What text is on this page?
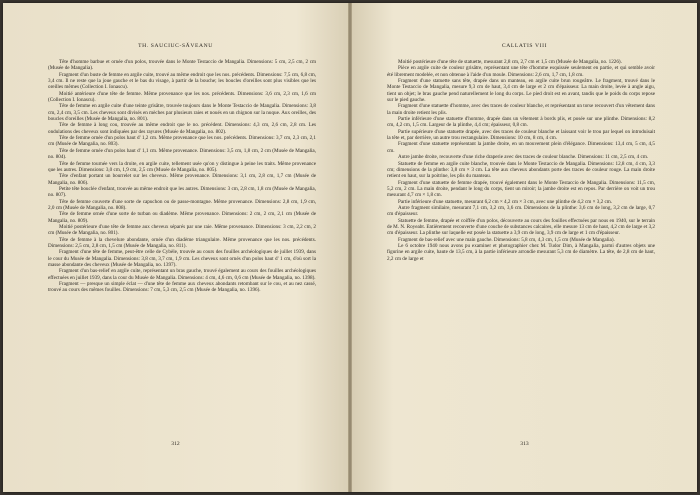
TH. SAUCIUC-SĂVEANU

Tête d'homme barbue et ornée d'un polos, trouvée dans le Monte Testaccio de Mangalia. Dimensions: 5 cm, 2,5 cm, 2 cm (Musée de Mangalia).

Fragment d'un buste de femme en argile cuite, trouvé au même endroit que les nos. précédents. Dimensions: 7,5 cm, 6,8 cm, 3,4 cm. Il ne reste que la joue gauche et le bas du visage, à partir de la bouche; les boucles d'oreilles sont plus visibles que les oreilles mêmes (Collection I. Ionascu).

Moitié antérieure d'une tête de femme. Même provenance que les nos. précédents. Dimensions: 3,6 cm, 2,3 cm, 1,6 cm (Collection I. Ionascu).

Tête de femme en argile cuite d'une teinte grisâtre, trouvée toujours dans le Monte Testaccio de Mangalia. Dimensions: 3,8 cm, 2,4 cm, 3,5 cm. Les cheveux sont divisés en mèches par plusieurs raies et noués en un chignon sur la nuque. Aux oreilles, des boucles d'oreilles (Musée de Mangalia, no. 801).

Tête de femme à long cou, trouvée au même endroit que le no. précédent. Dimensions: 4,3 cm, 2,6 cm, 2,8 cm. Les ondulations des cheveux sont indiquées par des rayures (Musée de Mangalia, no. 802).

Tête de femme ornée d'un polos haut d' 1,2 cm. Même provenance que les nos. précédents. Dimensions: 3,7 cm, 2,3 cm, 2,1 cm (Musée de Mangalia, no. 803).

Tête de femme ornée d'un polos haut d' 1,1 cm. Même provenance. Dimensions: 3,5 cm, 1,8 cm, 2 cm (Musée de Mangalia, no. 804).

Tête de femme tournée vers la droite, en argile cuite, tellement usée qu'on y distingue à peine les traits. Même provenance que les autres. Dimensions: 3,0 cm, 1,9 cm, 2,5 cm (Musée de Mangalia, no. 805).

Tête d'enfant portant un bourrelet sur les cheveux. Même provenance. Dimensions: 3,1 cm, 2,8 cm, 1,7 cm (Musée de Mangalia, no. 806).

Petite tête bouclée d'enfant, trouvée au même endroit que les autres. Dimensions: 3 cm, 2,8 cm, 1,8 cm (Musée de Mangalia, no. 807).

Tête de femme couverte d'une sorte de capuchon ou de passe-montagne. Même provenance. Dimensions: 2,8 cm, 1,9 cm, 2,0 cm (Musée de Mangalia, no. 808).

Tête de femme ornée d'une sorte de turban ou diadème. Même provenance. Dimensions: 2 cm, 2 cm, 2,1 cm (Musée de Mangalia, no. 809).

Moitié postérieure d'une tête de femme aux cheveux séparés par une raie. Même provenance. Dimensions: 3 cm, 2,2 cm, 2 cm (Musée de Mangalia, no. 801).

Tête de femme à la chevelure abondante, ornée d'un diadème triangulaire. Même provenance que les nos. précédents. Dimensions: 2,5 cm, 2,8 cm, 1,5 cm (Musée de Mangalia, no. 811).

Fragment d'une tête de femme, peut-être celle de Cybèle, trouvée au cours des fouilles archéologiques de juillet 1939, dans le cour du Musée de Mangalia. Dimensions: 3,8 cm, 3,7 cm, 1,9 cm. Les cheveux sont ornés d'un polos haut d' 1 cm, d'où sort la masse abondante des cheveux (Musée de Mangalia, no. 1397).

Fragment d'un bas-relief en argile cuite, représentant un bras gauche, trouvé également au cours des fouilles archéologiques effectuées en juillet 1939, dans la cour du Musée de Mangalia. Dimensions: 4 cm, 4,6 cm, 0,6 cm (Musée de Mangalia, no. 1398).

Fragment — presque un simple éclat — d'une tête de femme aux cheveux abondants retombant sur le cou, et au nez cassé, trouvé au cours des mêmes fouilles. Dimensions: 7 cm, 5,3 cm, 2,5 cm (Musée de Mangalia, no. 1396).

312
CALLATIS VIII

Moitié postérieure d'une tête de statuette, mesurant 2,8 cm, 2,7 cm et 1,5 cm (Musée de Mangalia, no. 1226).

Pièce en argile cuite de couleur grisâtre, représentant une tête d'homme esquissée seulement en partie, et qui semble avoir été librement modelée, et non obtenue à l'aide d'un moule. Dimensions: 2,6 cm, 1,7 cm, 1,8 cm.

Fragment d'une statuette sans tête, drapée dans un manteau, en argile cuite brun rougeâtre. Le fragment, trouvé dans le Monte Testaccio de Mangalia, mesure 9,3 cm de haut, 3,4 cm de large et 2 cm d'épaisseur. La main droite, levée à angle aigu, tient un objet; le bras gauche pend naturellement le long du corps. Le pied droit est en avant, tandis que le poids du corps repose sur le pied gauche.

Fragment d'une statuette d'homme, avec des traces de couleur blanche, et représentant un torse recouvert d'un vêtement dans la main droite retient les plis.

Partie inférieure d'une statuette d'homme, drapée dans un vêtement à bords plis, et posée sur une plinthe. Dimensions: 8,2 cm, 4,2 cm, 1,5 cm. Largeur de la plinthe, 4,4 cm; épaisseur, 0,8 cm.

Partie supérieure d'une statuette drapée, avec des traces de couleur blanche et laissant voir le trou par lequel on introduisait la tête et, par derrière, un autre trou rectangulaire. Dimensions: 10 cm, 8 cm, 4 cm.

Fragment d'une statuette représentant la jambe droite, en un mouvement plein d'élégance. Dimensions: 13,4 cm, 5 cm, 4,5 cm.

Autre jambe droite, recouverte d'une riche draperie avec des traces de couleur blanche. Dimensions: 11 cm, 2,5 cm, 4 cm.

Statuette de femme en argile cuite blanche, trouvée dans le Monte Testaccio de Mangalia. Dimensions: 12,8 cm, 4 cm, 3,3 cm; dimensions de la plinthe: 3,8 cm × 3 cm. La tête aux cheveux abondants porte des traces de couleur rouge. La main droite retient en haut, sur la poitrine, les plis du manteau.

Fragment d'une statuette de femme drapée, trouvé également dans le Monte Testaccio de Mangalia. Dimensions: 11,5 cm, 5,2 cm, 2 cm. La main droite, pendant le long du corps, tient un miroir; la jambe droite est en repos. Par derrière on voit un trou mesurant 4,7 cm × 1,8 cm.

Partie inférieure d'une statuette, mesurant 6,2 cm × 4,2 cm × 3 cm, avec une plinthe de 4,2 cm × 3,2 cm.

Autre fragment similaire, mesurant 7,1 cm, 3,2 cm, 3,6 cm. Dimensions de la plinthe: 3,6 cm de long, 3,2 cm de large, 0,7 cm d'épaisseur.

Statuette de femme, drapée et coiffée d'un polos, découverte au cours des fouilles effectuées par nous en 1940, sur le terrain de M. N. Royeabt. Entièrement recouverte d'une couche de substances calcaires, elle mesure 13 cm de haut, 4,2 cm de large et 3,2 cm d'épaisseur. La plinthe sur laquelle est posée la statuette a 3,9 cm de long, 3,9 cm de large et 1 cm d'épaisseur.

Fragment de bas-relief avec une main gauche. Dimensions: 5,8 cm, 4,3 cm, 1,5 cm (Musée de Mangalia).

Le 6 octobre 1940 nous avons pu examiner et photographier chez M. Tudor Dim, à Mangalia, parmi d'autres objets une figurine en argile cuite, haute de 13,5 cm, à la partie inférieure arrondie mesurant 5,3 cm de diamètre. La tête, de 2,8 cm de haut, 2,2 cm de large et

313
